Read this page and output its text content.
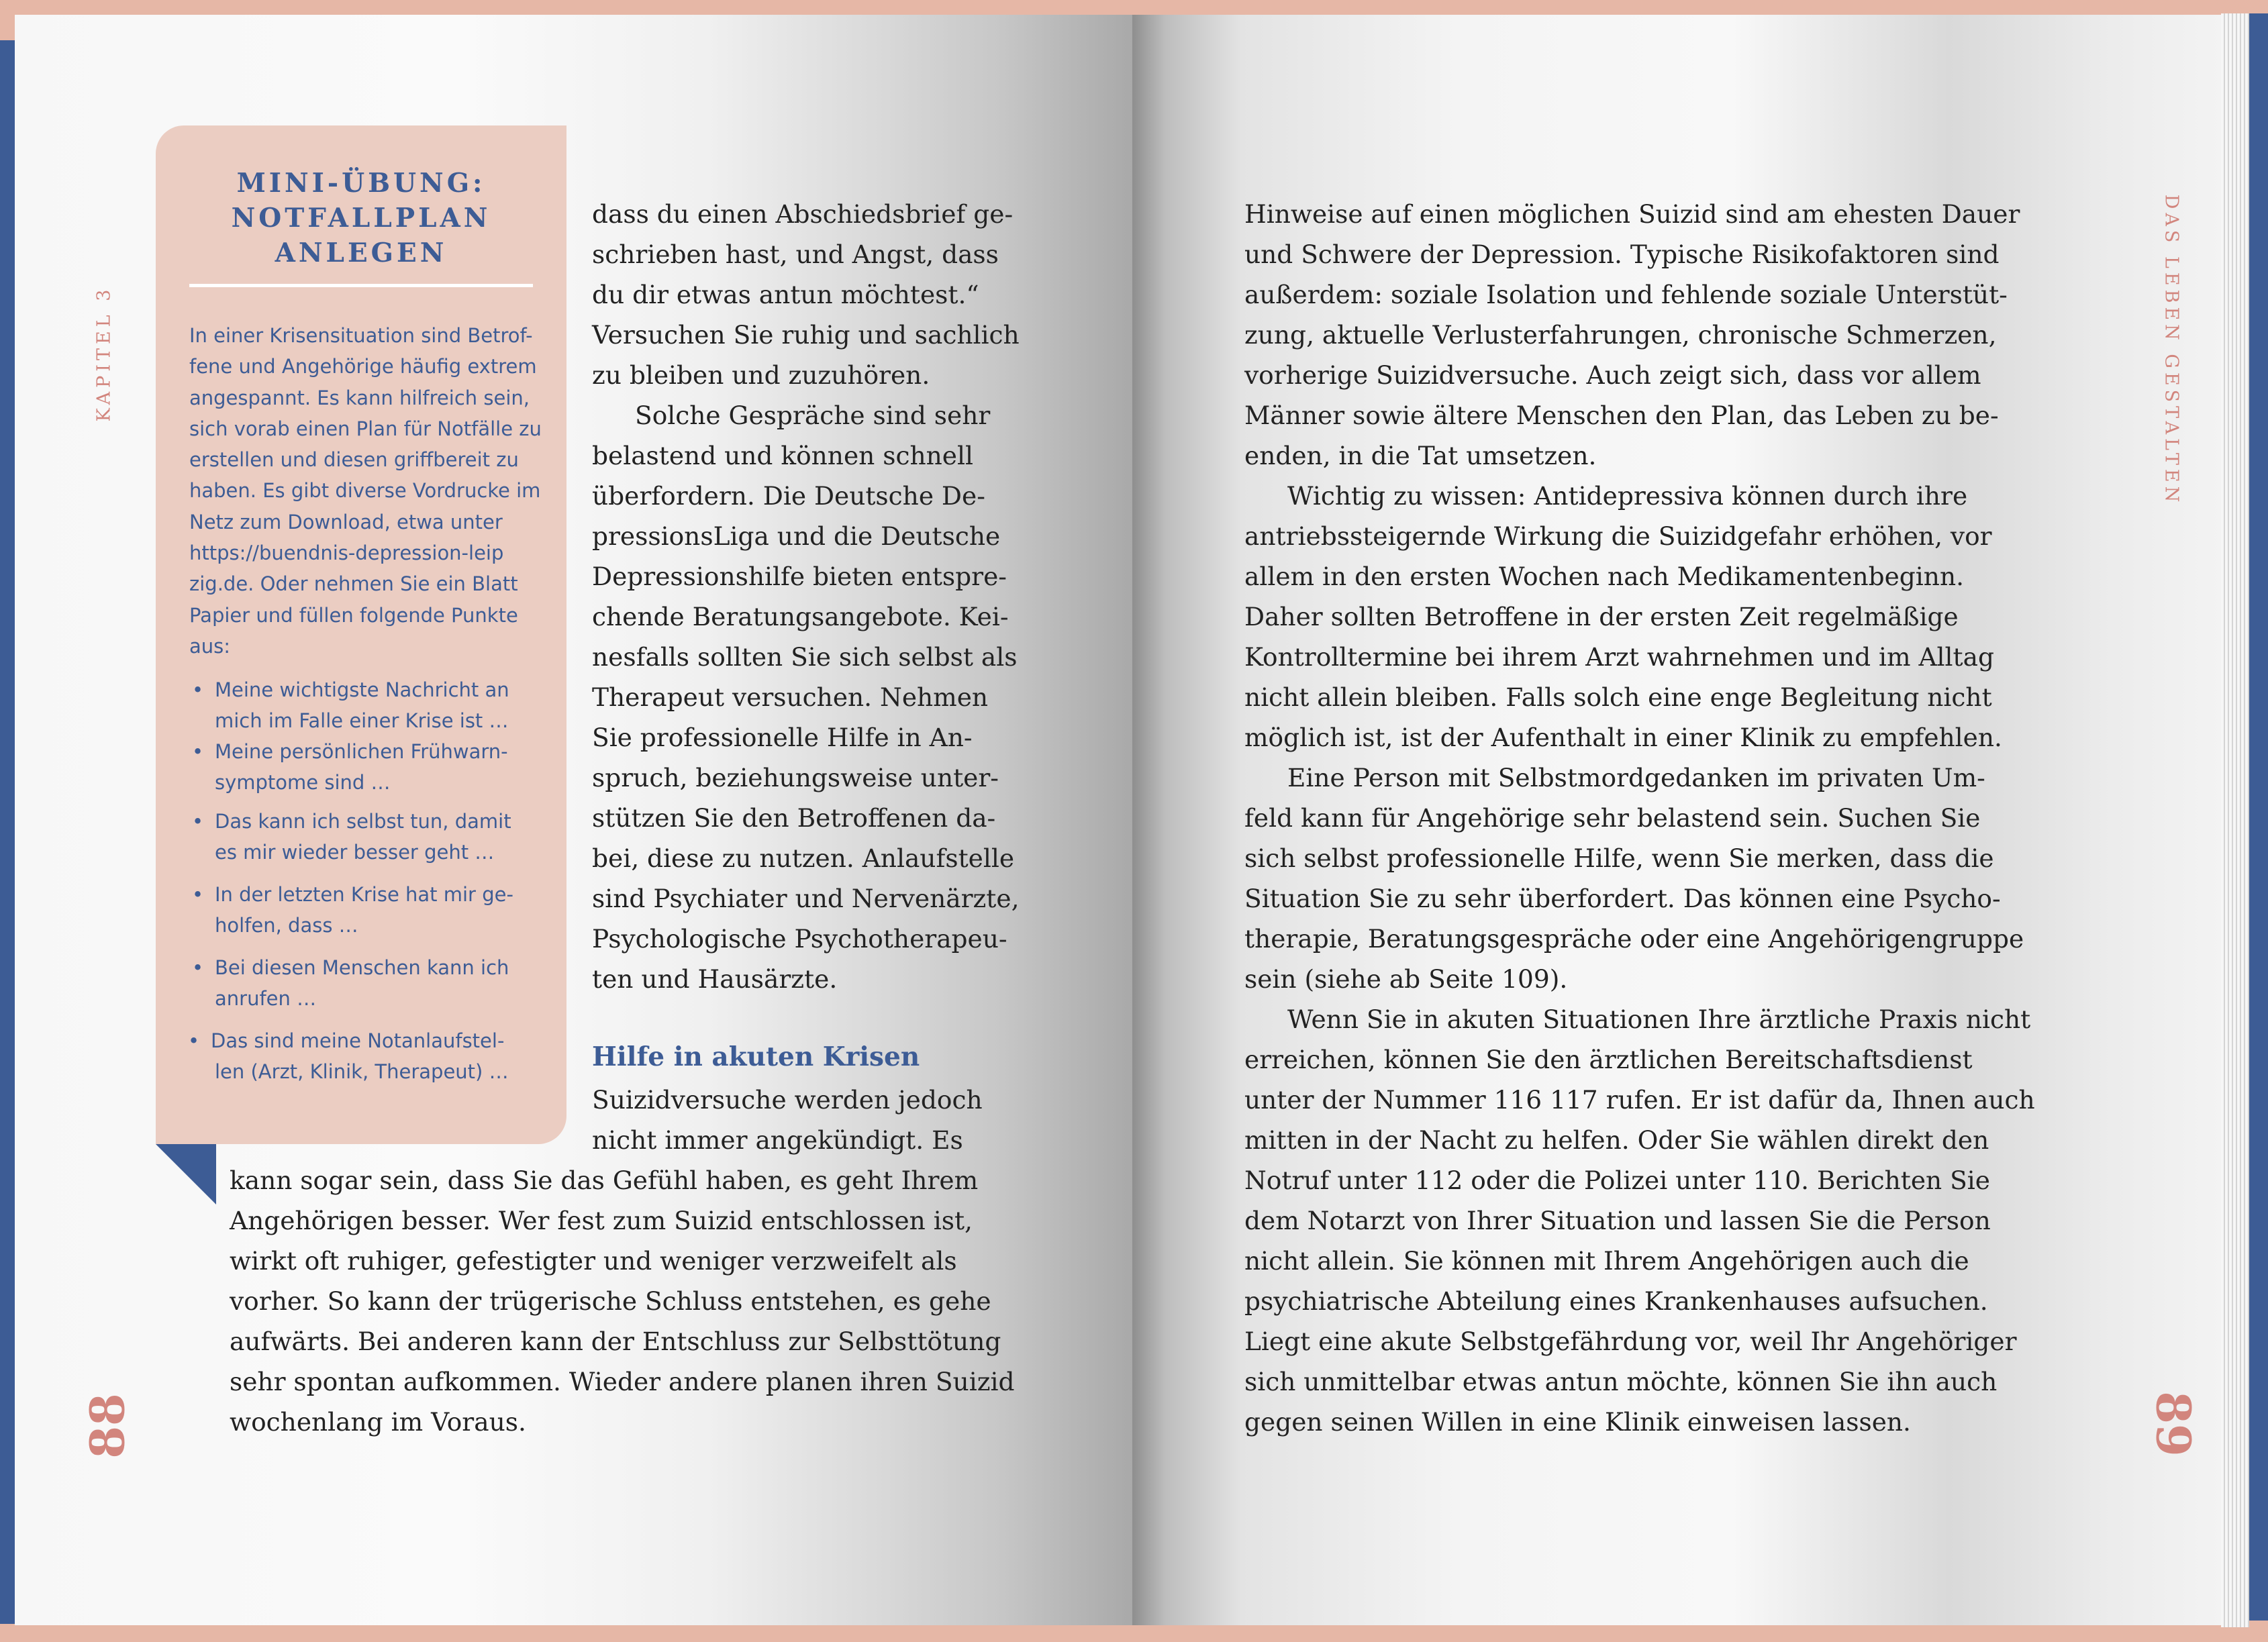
KAPITEL 3
88
MINI-ÜBUNG:
NOTFALLPLAN
ANLEGEN
In einer Krisensituation sind Betrof-
fene und Angehörige häufig extrem
angespannt. Es kann hilfreich sein,
sich vorab einen Plan für Notfälle zu
erstellen und diesen griffbereit zu
haben. Es gibt diverse Vordrucke im
Netz zum Download, etwa unter
https://buendnis-depression-leip
zig.de. Oder nehmen Sie ein Blatt
Papier und füllen folgende Punkte
aus:
• Meine wichtigste Nachricht an
mich im Falle einer Krise ist …
• Meine persönlichen Frühwarn-
symptome sind …
• Das kann ich selbst tun, damit
es mir wieder besser geht …
• In der letzten Krise hat mir ge-
holfen, dass …
• Bei diesen Menschen kann ich
anrufen …
• Das sind meine Notanlaufstel-
len (Arzt, Klinik, Therapeut) …
dass du einen Abschiedsbrief ge-
schrieben hast, und Angst, dass
du dir etwas antun möchtest.“
Versuchen Sie ruhig und sachlich
zu bleiben und zuzuhören.
Solche Gespräche sind sehr
belastend und können schnell
überfordern. Die Deutsche De-
pressionsLiga und die Deutsche
Depressionshilfe bieten entspre-
chende Beratungsangebote. Kei-
nesfalls sollten Sie sich selbst als
Therapeut versuchen. Nehmen
Sie professionelle Hilfe in An-
spruch, beziehungsweise unter-
stützen Sie den Betroffenen da-
bei, diese zu nutzen. Anlaufstelle
sind Psychiater und Nervenärzte,
Psychologische Psychotherapeu-
ten und Hausärzte.
Hilfe in akuten Krisen
Suizidversuche werden jedoch
nicht immer angekündigt. Es
kann sogar sein, dass Sie das Gefühl haben, es geht Ihrem
Angehörigen besser. Wer fest zum Suizid entschlossen ist,
wirkt oft ruhiger, gefestigter und weniger verzweifelt als
vorher. So kann der trügerische Schluss entstehen, es gehe
aufwärts. Bei anderen kann der Entschluss zur Selbsttötung
sehr spontan aufkommen. Wieder andere planen ihren Suizid
wochenlang im Voraus.
DAS LEBEN GESTALTEN
89
Hinweise auf einen möglichen Suizid sind am ehesten Dauer
und Schwere der Depression. Typische Risikofaktoren sind
außerdem: soziale Isolation und fehlende soziale Unterstüt-
zung, aktuelle Verlusterfahrungen, chronische Schmerzen,
vorherige Suizidversuche. Auch zeigt sich, dass vor allem
Männer sowie ältere Menschen den Plan, das Leben zu be-
enden, in die Tat umsetzen.
Wichtig zu wissen: Antidepressiva können durch ihre
antriebssteigernde Wirkung die Suizidgefahr erhöhen, vor
allem in den ersten Wochen nach Medikamentenbeginn.
Daher sollten Betroffene in der ersten Zeit regelmäßige
Kontrolltermine bei ihrem Arzt wahrnehmen und im Alltag
nicht allein bleiben. Falls solch eine enge Begleitung nicht
möglich ist, ist der Aufenthalt in einer Klinik zu empfehlen.
Eine Person mit Selbstmordgedanken im privaten Um-
feld kann für Angehörige sehr belastend sein. Suchen Sie
sich selbst professionelle Hilfe, wenn Sie merken, dass die
Situation Sie zu sehr überfordert. Das können eine Psycho-
therapie, Beratungsgespräche oder eine Angehörigengruppe
sein (siehe ab Seite 109).
Wenn Sie in akuten Situationen Ihre ärztliche Praxis nicht
erreichen, können Sie den ärztlichen Bereitschaftsdienst
unter der Nummer 116 117 rufen. Er ist dafür da, Ihnen auch
mitten in der Nacht zu helfen. Oder Sie wählen direkt den
Notruf unter 112 oder die Polizei unter 110. Berichten Sie
dem Notarzt von Ihrer Situation und lassen Sie die Person
nicht allein. Sie können mit Ihrem Angehörigen auch die
psychiatrische Abteilung eines Krankenhauses aufsuchen.
Liegt eine akute Selbstgefährdung vor, weil Ihr Angehöriger
sich unmittelbar etwas antun möchte, können Sie ihn auch
gegen seinen Willen in eine Klinik einweisen lassen.
